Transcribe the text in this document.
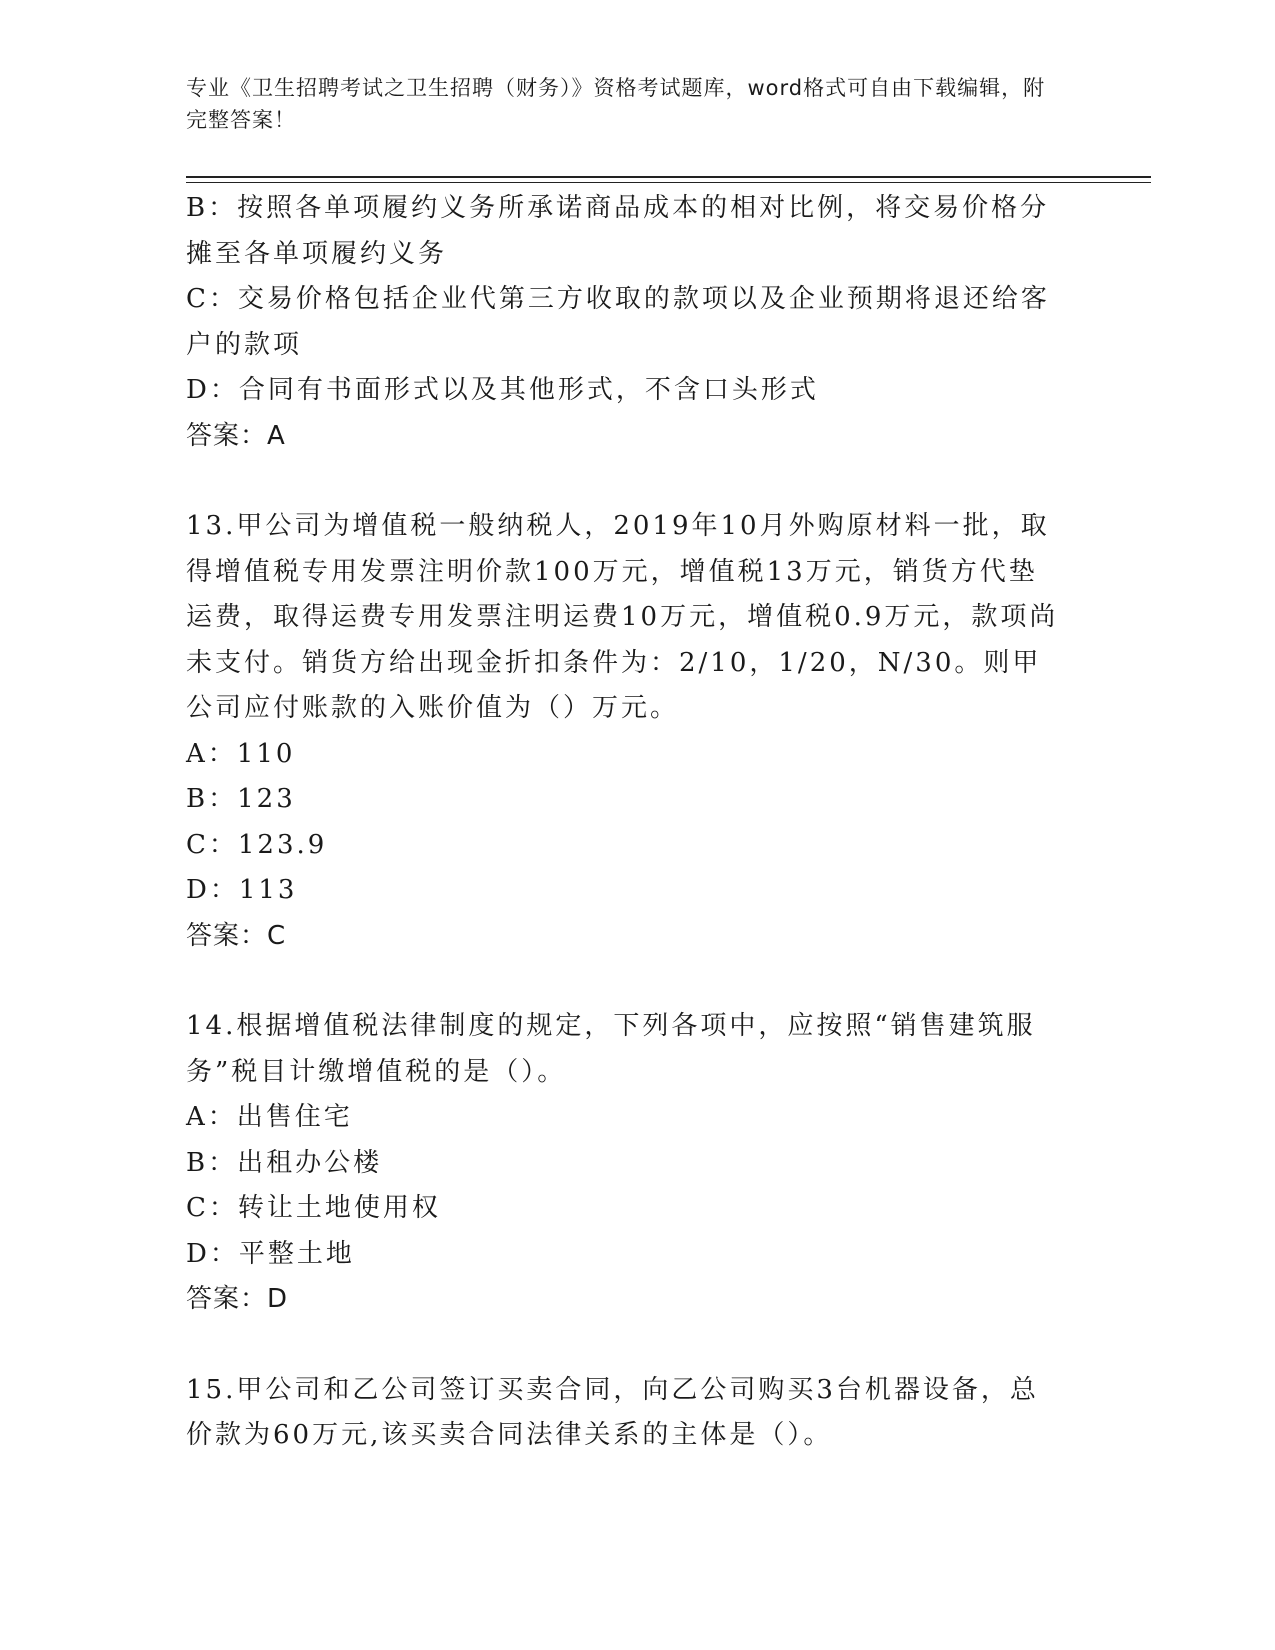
专业《卫生招聘考试之卫生招聘（财务）》资格考试题库，word格式可自由下载编辑，附完整答案！

B：按照各单项履约义务所承诺商品成本的相对比例，将交易价格分摊至各单项履约义务

C：交易价格包括企业代第三方收取的款项以及企业预期将退还给客户的款项

D：合同有书面形式以及其他形式，不含口头形式

答案：A

13.甲公司为增值税一般纳税人，2019年10月外购原材料一批，取得增值税专用发票注明价款100万元，增值税13万元，销货方代垫运费，取得运费专用发票注明运费10万元，增值税0.9万元，款项尚未支付。销货方给出现金折扣条件为：2/10，1/20，N/30。则甲公司应付账款的入账价值为（）万元。

A：110

B：123

C：123.9

D：113

答案：C

14.根据增值税法律制度的规定，下列各项中，应按照“销售建筑服务”税目计缴增值税的是（）。

A：出售住宅

B：出租办公楼

C：转让土地使用权

D：平整土地

答案：D

15.甲公司和乙公司签订买卖合同，向乙公司购买3台机器设备，总价款为60万元,该买卖合同法律关系的主体是（）。
